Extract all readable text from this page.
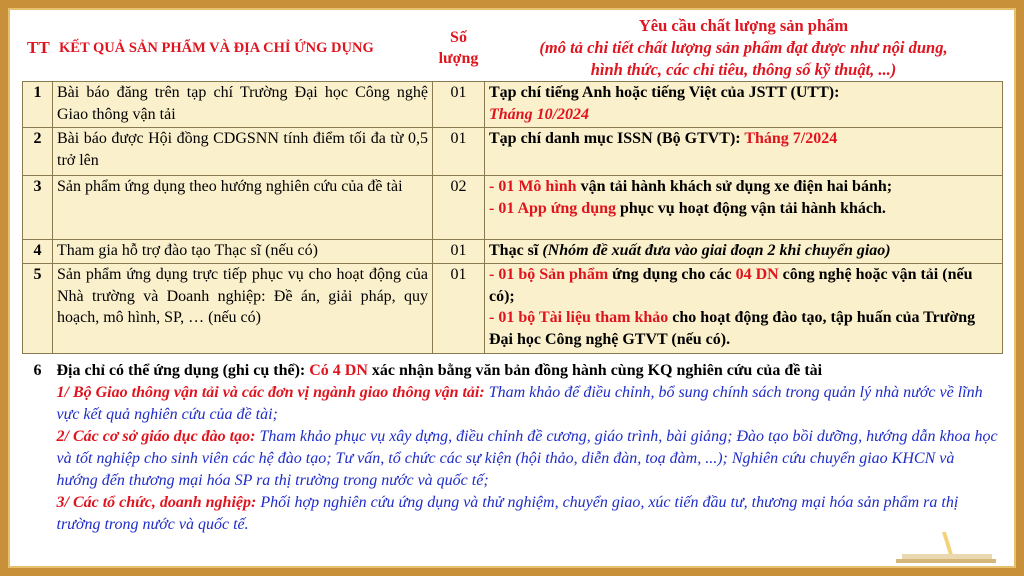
TT	KẾT QUẢ SẢN PHẨM VÀ ĐỊA CHỈ ỨNG DỤNG	Số
lượng	Yêu cầu chất lượng sản phẩm
(mô tả chi tiết chất lượng sản phẩm đạt được như nội dung,
hình thức, các chỉ tiêu, thông số kỹ thuật, ...)
1	Bài báo đăng trên tạp chí Trường Đại học Công nghệ Giao thông vận tải	01	Tạp chí tiếng Anh hoặc tiếng Việt của JSTT (UTT):
Tháng 10/2024
2	Bài báo được Hội đồng CDGSNN tính điểm tối đa từ 0,5 trở lên	01	Tạp chí danh mục ISSN (Bộ GTVT): Tháng 7/2024
3	Sản phẩm ứng dụng theo hướng nghiên cứu của đề tài	02	- 01 Mô hình vận tải hành khách sử dụng xe điện hai bánh;
- 01 App ứng dụng phục vụ hoạt động vận tải hành khách.
4	Tham gia hỗ trợ đào tạo Thạc sĩ (nếu có)	01	Thạc sĩ (Nhóm đề xuất đưa vào giai đoạn 2 khi chuyển giao)
5	Sản phẩm ứng dụng trực tiếp phục vụ cho hoạt động của Nhà trường và Doanh nghiệp: Đề án, giải pháp, quy hoạch, mô hình, SP, … (nếu có)	01	- 01 bộ Sản phẩm ứng dụng cho các 04 DN công nghệ hoặc vận tải (nếu có);
- 01 bộ Tài liệu tham khảo cho hoạt động đào tạo, tập huấn của Trường Đại học Công nghệ GTVT (nếu có).
6	Địa chỉ có thể ứng dụng (ghi cụ thể): Có 4 DN xác nhận bằng văn bản đồng hành cùng KQ nghiên cứu của đề tài
1/ Bộ Giao thông vận tải và các đơn vị ngành giao thông vận tải: Tham khảo để điều chỉnh, bổ sung chính sách trong quản lý nhà nước về lĩnh vực kết quả nghiên cứu của đề tài;
2/ Các cơ sở giáo dục đào tạo: Tham khảo phục vụ xây dựng, điều chỉnh đề cương, giáo trình, bài giảng; Đào tạo bồi dưỡng, hướng dẫn khoa học và tốt nghiệp cho sinh viên các hệ đào tạo; Tư vấn, tổ chức các sự kiện (hội thảo, diễn đàn, toạ đàm, ...); Nghiên cứu chuyển giao KHCN và hướng đến thương mại hóa SP ra thị trường trong nước và quốc tế;
3/ Các tổ chức, doanh nghiệp: Phối hợp nghiên cứu ứng dụng và thử nghiệm, chuyển giao, xúc tiến đầu tư, thương mại hóa sản phẩm ra thị trường trong nước và quốc tế.		
